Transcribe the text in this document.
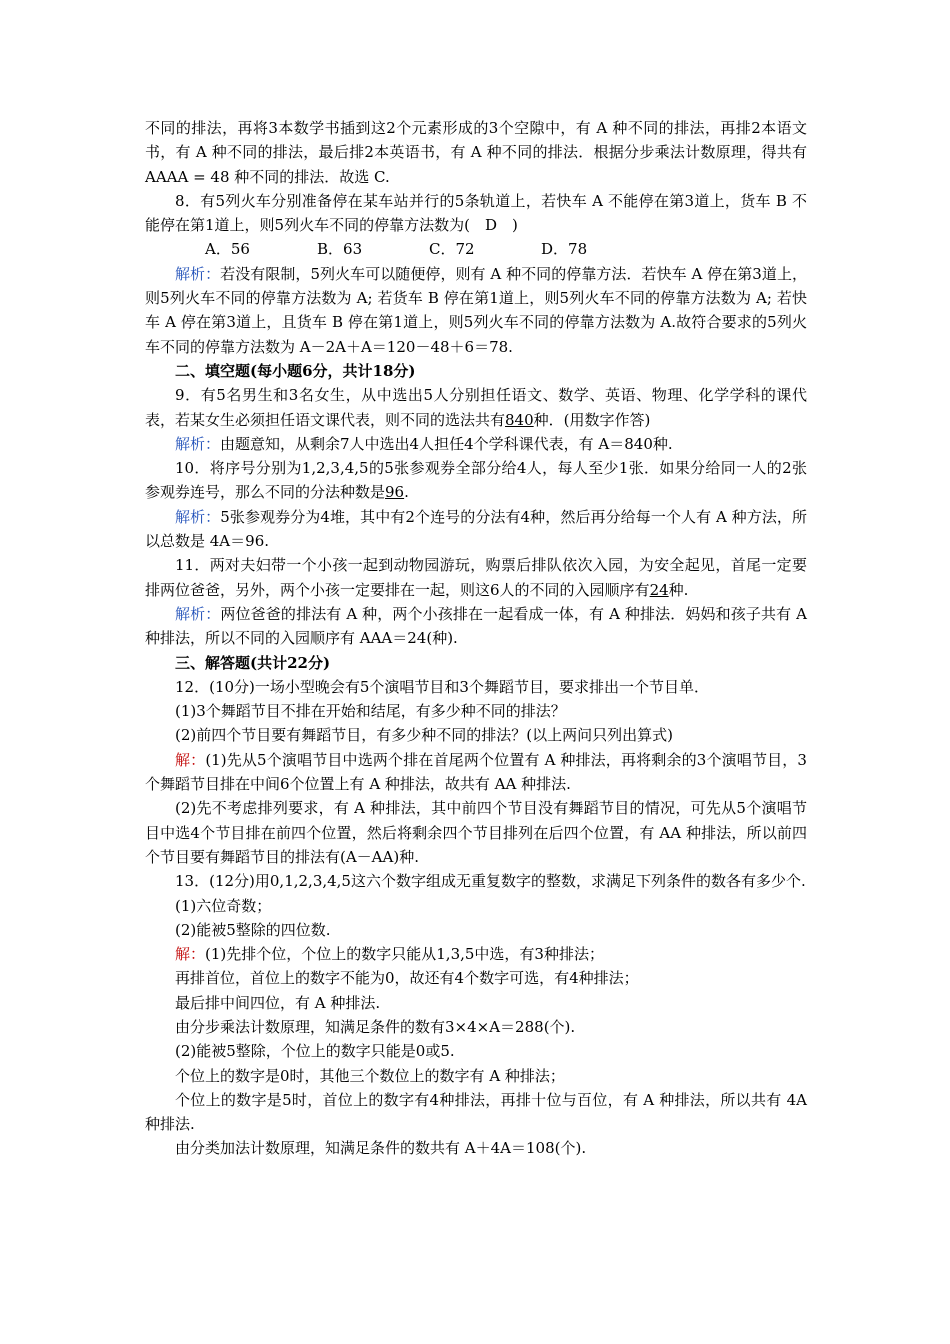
不同的排法，再将3本数学书插到这2个元素形成的3个空隙中，有 A 种不同的排法，再排2本语文书，有 A 种不同的排法，最后排2本英语书，有 A 种不同的排法．根据分步乘法计数原理，得共有 AAAA = 48 种不同的排法．故选 C.

8．有5列火车分别准备停在某车站并行的5条轨道上，若快车 A 不能停在第3道上，货车 B 不能停在第1道上，则5列火车不同的停靠方法数为(　D　)

A．56	B．63	C．72	D．78

解析：若没有限制，5列火车可以随便停，则有 A 种不同的停靠方法．若快车 A 停在第3道上，则5列火车不同的停靠方法数为 A; 若货车 B 停在第1道上，则5列火车不同的停靠方法数为 A; 若快车 A 停在第3道上，且货车 B 停在第1道上，则5列火车不同的停靠方法数为 A.故符合要求的5列火车不同的停靠方法数为 A－2A＋A＝120－48＋6＝78.

二、填空题(每小题6分，共计18分)

9．有5名男生和3名女生，从中选出5人分别担任语文、数学、英语、物理、化学学科的课代表，若某女生必须担任语文课代表，则不同的选法共有840种．(用数字作答)

解析：由题意知，从剩余7人中选出4人担任4个学科课代表，有 A＝840种.

10．将序号分别为1,2,3,4,5的5张参观券全部分给4人，每人至少1张．如果分给同一人的2张参观券连号，那么不同的分法种数是96.

解析：5张参观券分为4堆，其中有2个连号的分法有4种，然后再分给每一个人有 A 种方法，所以总数是 4A＝96.

11．两对夫妇带一个小孩一起到动物园游玩，购票后排队依次入园，为安全起见，首尾一定要排两位爸爸，另外，两个小孩一定要排在一起，则这6人的不同的入园顺序有24种.

解析：两位爸爸的排法有 A 种，两个小孩排在一起看成一体，有 A 种排法．妈妈和孩子共有 A 种排法，所以不同的入园顺序有 AAA＝24(种).

三、解答题(共计22分)

12．(10分)一场小型晚会有5个演唱节目和3个舞蹈节目，要求排出一个节目单．

(1)3个舞蹈节目不排在开始和结尾，有多少种不同的排法？

(2)前四个节目要有舞蹈节目，有多少种不同的排法？(以上两问只列出算式)

解：(1)先从5个演唱节目中选两个排在首尾两个位置有 A 种排法，再将剩余的3个演唱节目，3个舞蹈节目排在中间6个位置上有 A 种排法，故共有 AA 种排法.

(2)先不考虑排列要求，有 A 种排法，其中前四个节目没有舞蹈节目的情况，可先从5个演唱节目中选4个节目排在前四个位置，然后将剩余四个节目排列在后四个位置，有 AA 种排法，所以前四个节目要有舞蹈节目的排法有(A－AA)种.

13．(12分)用0,1,2,3,4,5这六个数字组成无重复数字的整数，求满足下列条件的数各有多少个.

(1)六位奇数；

(2)能被5整除的四位数.

解：(1)先排个位，个位上的数字只能从1,3,5中选，有3种排法；

再排首位，首位上的数字不能为0，故还有4个数字可选，有4种排法；

最后排中间四位，有 A 种排法.

由分步乘法计数原理，知满足条件的数有3×4×A＝288(个).

(2)能被5整除，个位上的数字只能是0或5.

个位上的数字是0时，其他三个数位上的数字有 A 种排法；

个位上的数字是5时，首位上的数字有4种排法，再排十位与百位，有 A 种排法，所以共有 4A 种排法.

由分类加法计数原理，知满足条件的数共有 A＋4A＝108(个).
